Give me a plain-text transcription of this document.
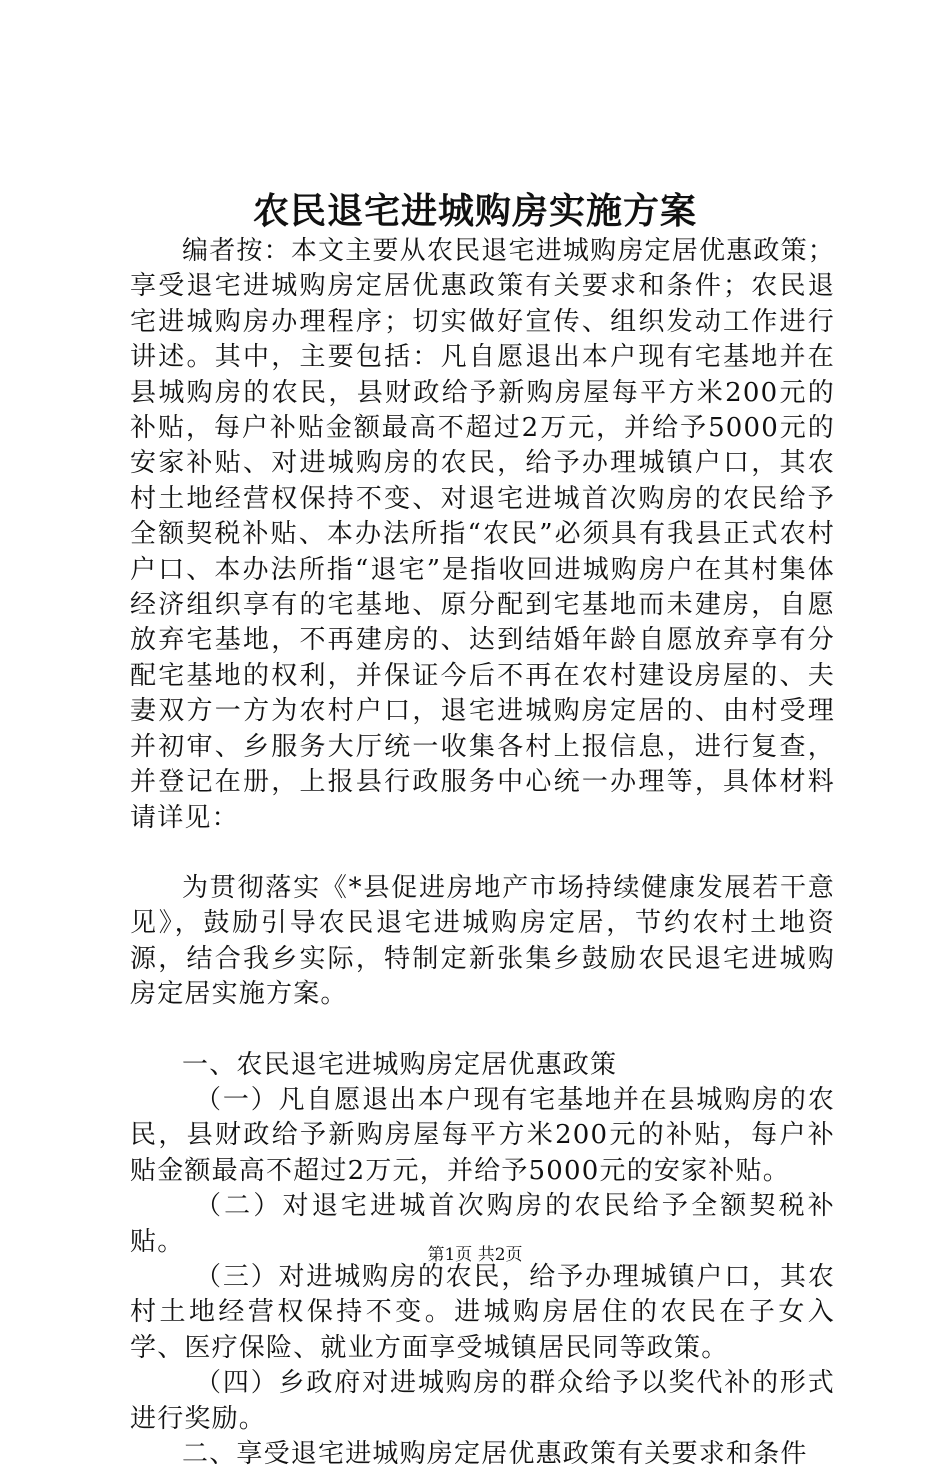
农民退宅进城购房实施方案

编者按：本文主要从农民退宅进城购房定居优惠政策；享受退宅进城购房定居优惠政策有关要求和条件；农民退宅进城购房办理程序；切实做好宣传、组织发动工作进行讲述。其中，主要包括：凡自愿退出本户现有宅基地并在县城购房的农民，县财政给予新购房屋每平方米200元的补贴，每户补贴金额最高不超过2万元，并给予5000元的安家补贴、对进城购房的农民，给予办理城镇户口，其农村土地经营权保持不变、对退宅进城首次购房的农民给予全额契税补贴、本办法所指“农民”必须具有我县正式农村户口、本办法所指“退宅”是指收回进城购房户在其村集体经济组织享有的宅基地、原分配到宅基地而未建房，自愿放弃宅基地，不再建房的、达到结婚年龄自愿放弃享有分配宅基地的权利，并保证今后不再在农村建设房屋的、夫妻双方一方为农村户口，退宅进城购房定居的、由村受理并初审、乡服务大厅统一收集各村上报信息，进行复查，并登记在册，上报县行政服务中心统一办理等，具体材料请详见：

为贯彻落实《*县促进房地产市场持续健康发展若干意见》，鼓励引导农民退宅进城购房定居，节约农村土地资源，结合我乡实际，特制定新张集乡鼓励农民退宅进城购房定居实施方案。

一、农民退宅进城购房定居优惠政策

（一）凡自愿退出本户现有宅基地并在县城购房的农民，县财政给予新购房屋每平方米200元的补贴，每户补贴金额最高不超过2万元，并给予5000元的安家补贴。

（二）对退宅进城首次购房的农民给予全额契税补贴。

（三）对进城购房的农民，给予办理城镇户口，其农村土地经营权保持不变。进城购房居住的农民在子女入学、医疗保险、就业方面享受城镇居民同等政策。

（四）乡政府对进城购房的群众给予以奖代补的形式进行奖励。

二、享受退宅进城购房定居优惠政策有关要求和条件

第1页 共2页
